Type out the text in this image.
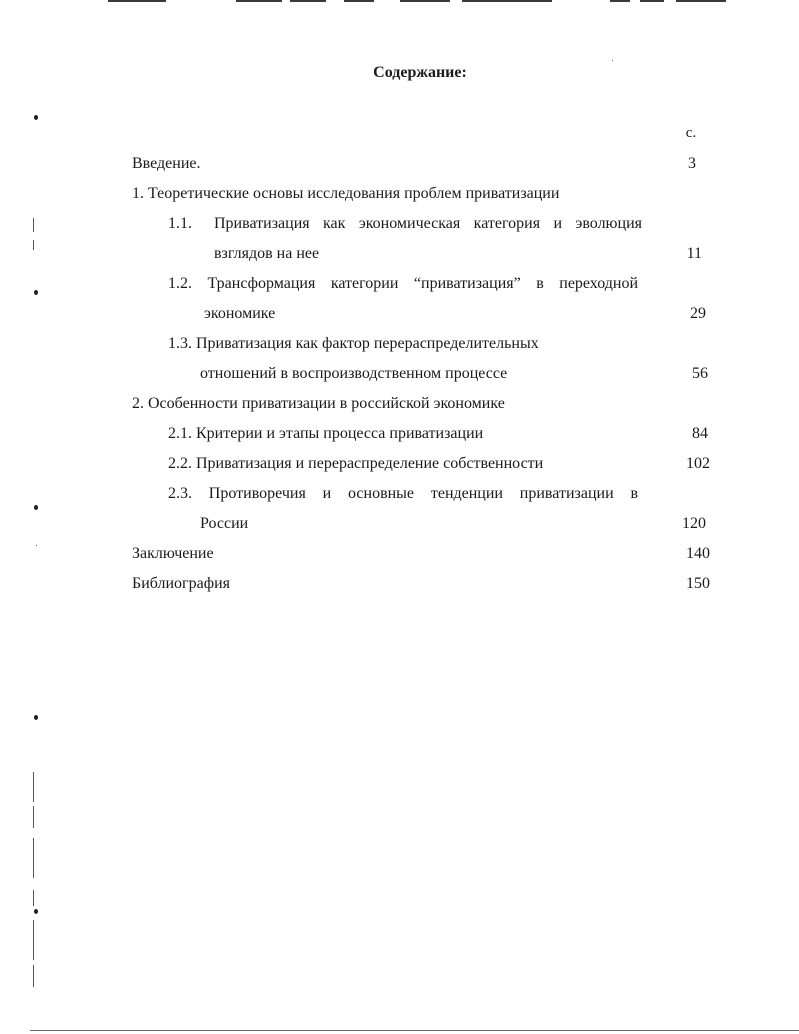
Содержание:
с.
Введение.	3
1. Теоретические основы исследования проблем приватизации
1.1. Приватизация как экономическая категория и эволюция
взглядов на нее	11
1.2. Трансформация категории “приватизация” в переходной
экономике	29
1.3. Приватизация как фактор перераспределительных
отношений в воспроизводственном процессе	56
2. Особенности приватизации в российской экономике
2.1. Критерии и этапы процесса приватизации	84
2.2. Приватизация и перераспределение собственности	102
2.3. Противоречия и основные тенденции приватизации в
России	120
Заключение	140
Библиография	150
